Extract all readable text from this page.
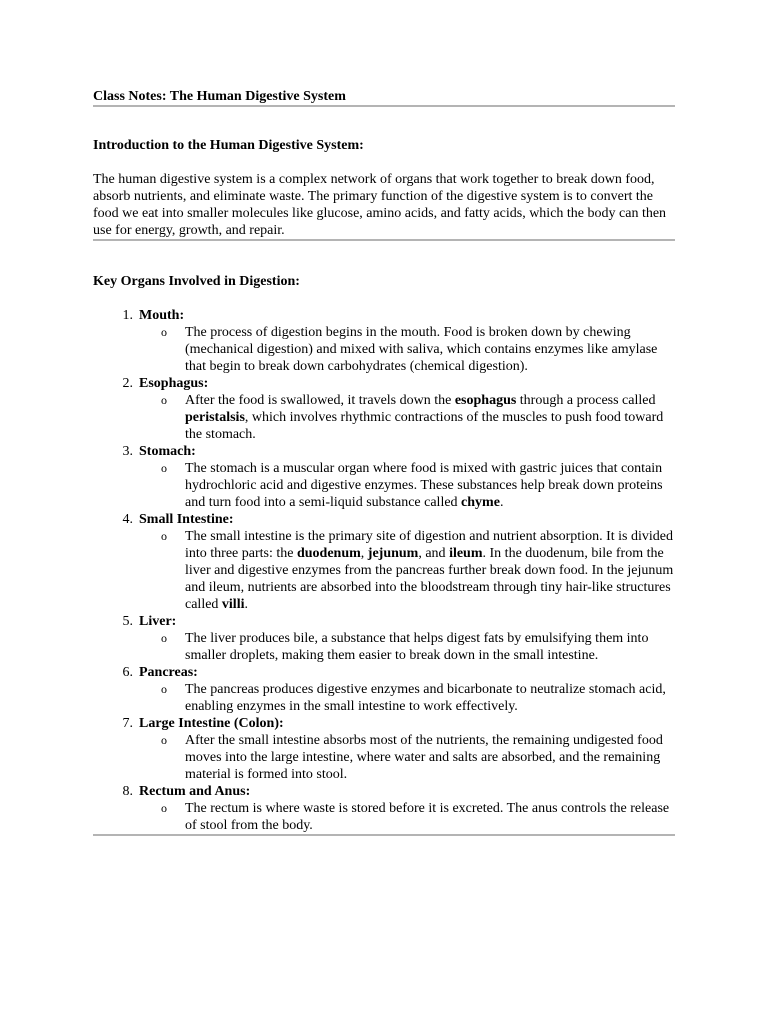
Class Notes: The Human Digestive System

Introduction to the Human Digestive System:

The human digestive system is a complex network of organs that work together to break down food, absorb nutrients, and eliminate waste. The primary function of the digestive system is to convert the food we eat into smaller molecules like glucose, amino acids, and fatty acids, which the body can then use for energy, growth, and repair.

Key Organs Involved in Digestion:

1. Mouth:
o The process of digestion begins in the mouth. Food is broken down by chewing (mechanical digestion) and mixed with saliva, which contains enzymes like amylase that begin to break down carbohydrates (chemical digestion).
2. Esophagus:
o After the food is swallowed, it travels down the esophagus through a process called peristalsis, which involves rhythmic contractions of the muscles to push food toward the stomach.
3. Stomach:
o The stomach is a muscular organ where food is mixed with gastric juices that contain hydrochloric acid and digestive enzymes. These substances help break down proteins and turn food into a semi-liquid substance called chyme.
4. Small Intestine:
o The small intestine is the primary site of digestion and nutrient absorption. It is divided into three parts: the duodenum, jejunum, and ileum. In the duodenum, bile from the liver and digestive enzymes from the pancreas further break down food. In the jejunum and ileum, nutrients are absorbed into the bloodstream through tiny hair-like structures called villi.
5. Liver:
o The liver produces bile, a substance that helps digest fats by emulsifying them into smaller droplets, making them easier to break down in the small intestine.
6. Pancreas:
o The pancreas produces digestive enzymes and bicarbonate to neutralize stomach acid, enabling enzymes in the small intestine to work effectively.
7. Large Intestine (Colon):
o After the small intestine absorbs most of the nutrients, the remaining undigested food moves into the large intestine, where water and salts are absorbed, and the remaining material is formed into stool.
8. Rectum and Anus:
o The rectum is where waste is stored before it is excreted. The anus controls the release of stool from the body.
